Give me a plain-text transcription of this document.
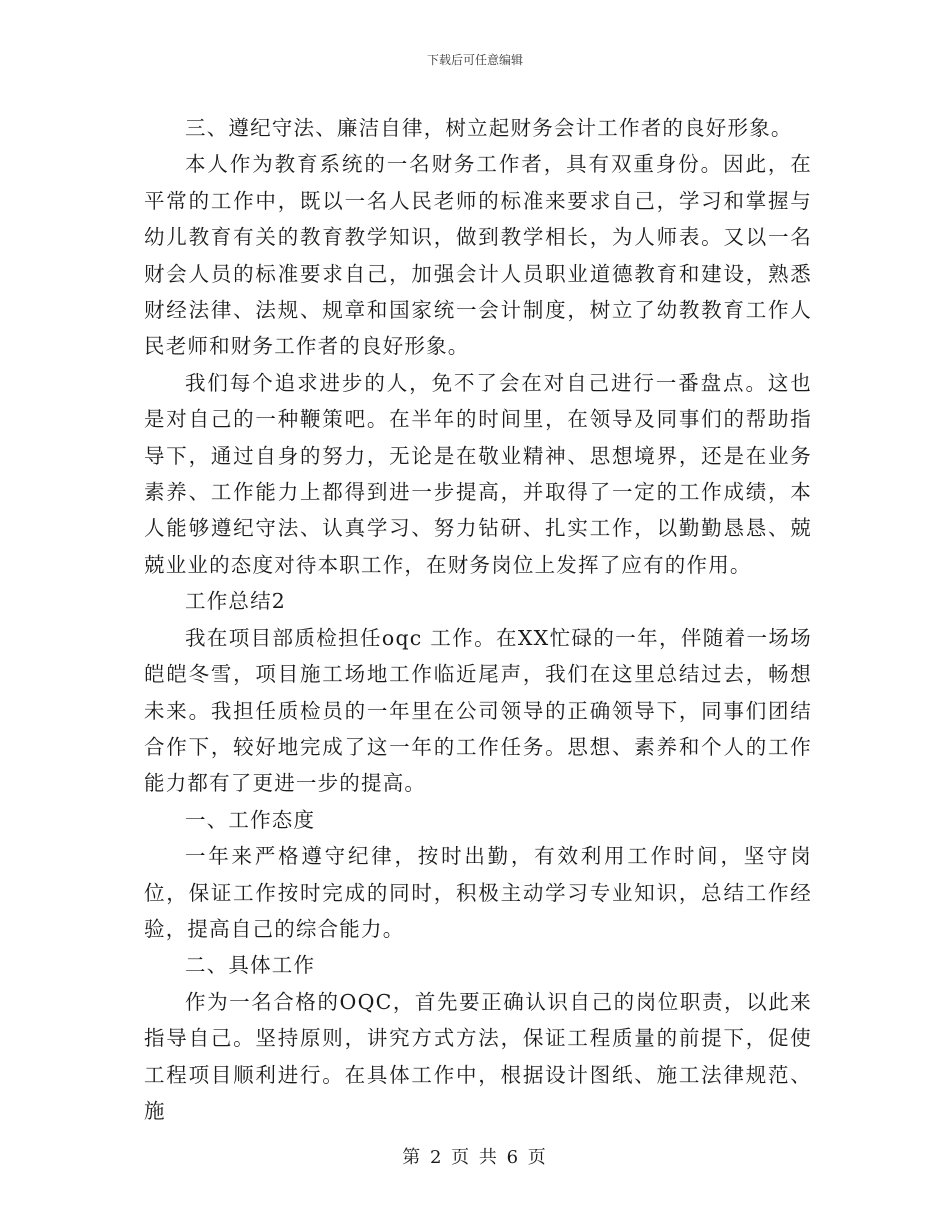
下载后可任意编辑

三、遵纪守法、廉洁自律，树立起财务会计工作者的良好形象。

本人作为教育系统的一名财务工作者，具有双重身份。因此，在平常的工作中，既以一名人民老师的标准来要求自己，学习和掌握与幼儿教育有关的教育教学知识，做到教学相长，为人师表。又以一名财会人员的标准要求自己，加强会计人员职业道德教育和建设，熟悉财经法律、法规、规章和国家统一会计制度，树立了幼教教育工作人民老师和财务工作者的良好形象。

我们每个追求进步的人，免不了会在对自己进行一番盘点。这也是对自己的一种鞭策吧。在半年的时间里，在领导及同事们的帮助指导下，通过自身的努力，无论是在敬业精神、思想境界，还是在业务素养、工作能力上都得到进一步提高，并取得了一定的工作成绩，本人能够遵纪守法、认真学习、努力钻研、扎实工作，以勤勤恳恳、兢兢业业的态度对待本职工作，在财务岗位上发挥了应有的作用。

工作总结2

我在项目部质检担任oqc 工作。在XX忙碌的一年，伴随着一场场皑皑冬雪，项目施工场地工作临近尾声，我们在这里总结过去，畅想未来。我担任质检员的一年里在公司领导的正确领导下，同事们团结合作下，较好地完成了这一年的工作任务。思想、素养和个人的工作能力都有了更进一步的提高。

一、工作态度

一年来严格遵守纪律，按时出勤，有效利用工作时间，坚守岗位，保证工作按时完成的同时，积极主动学习专业知识，总结工作经验，提高自己的综合能力。

二、具体工作

作为一名合格的OQC，首先要正确认识自己的岗位职责，以此来指导自己。坚持原则，讲究方式方法，保证工程质量的前提下，促使工程项目顺利进行。在具体工作中，根据设计图纸、施工法律规范、施

第 2 页 共 6 页
